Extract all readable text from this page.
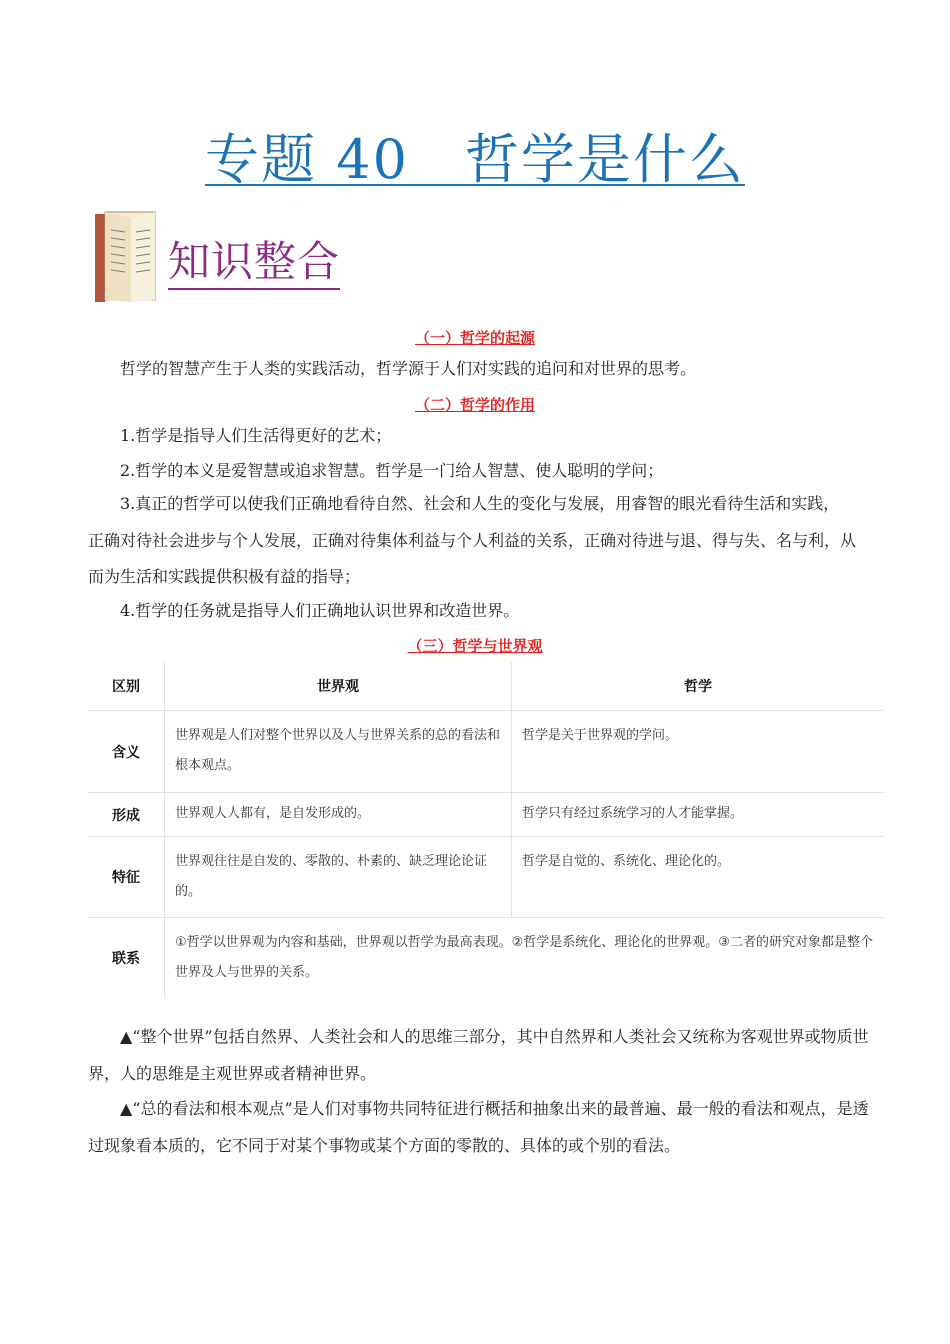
专题 40　哲学是什么
知识整合
（一）哲学的起源
哲学的智慧产生于人类的实践活动，哲学源于人们对实践的追问和对世界的思考。
（二）哲学的作用
1.哲学是指导人们生活得更好的艺术；
2.哲学的本义是爱智慧或追求智慧。哲学是一门给人智慧、使人聪明的学问；
3.真正的哲学可以使我们正确地看待自然、社会和人生的变化与发展，用睿智的眼光看待生活和实践，
正确对待社会进步与个人发展，正确对待集体利益与个人利益的关系，正确对待进与退、得与失、名与利，从
而为生活和实践提供积极有益的指导；
4.哲学的任务就是指导人们正确地认识世界和改造世界。
（三）哲学与世界观
区别	世界观	哲学
含义	世界观是人们对整个世界以及人与世界关系的总的看法和根本观点。	哲学是关于世界观的学问。
形成	世界观人人都有，是自发形成的。	哲学只有经过系统学习的人才能掌握。
特征	世界观往往是自发的、零散的、朴素的、缺乏理论论证的。	哲学是自觉的、系统化、理论化的。
联系	①哲学以世界观为内容和基础，世界观以哲学为最高表现。②哲学是系统化、理论化的世界观。③二者的研究对象都是整个世界及人与世界的关系。	
▲“整个世界”包括自然界、人类社会和人的思维三部分，其中自然界和人类社会又统称为客观世界或物质世界，人的思维是主观世界或者精神世界。
▲“总的看法和根本观点”是人们对事物共同特征进行概括和抽象出来的最普遍、最一般的看法和观点，是透过现象看本质的，它不同于对某个事物或某个方面的零散的、具体的或个别的看法。
